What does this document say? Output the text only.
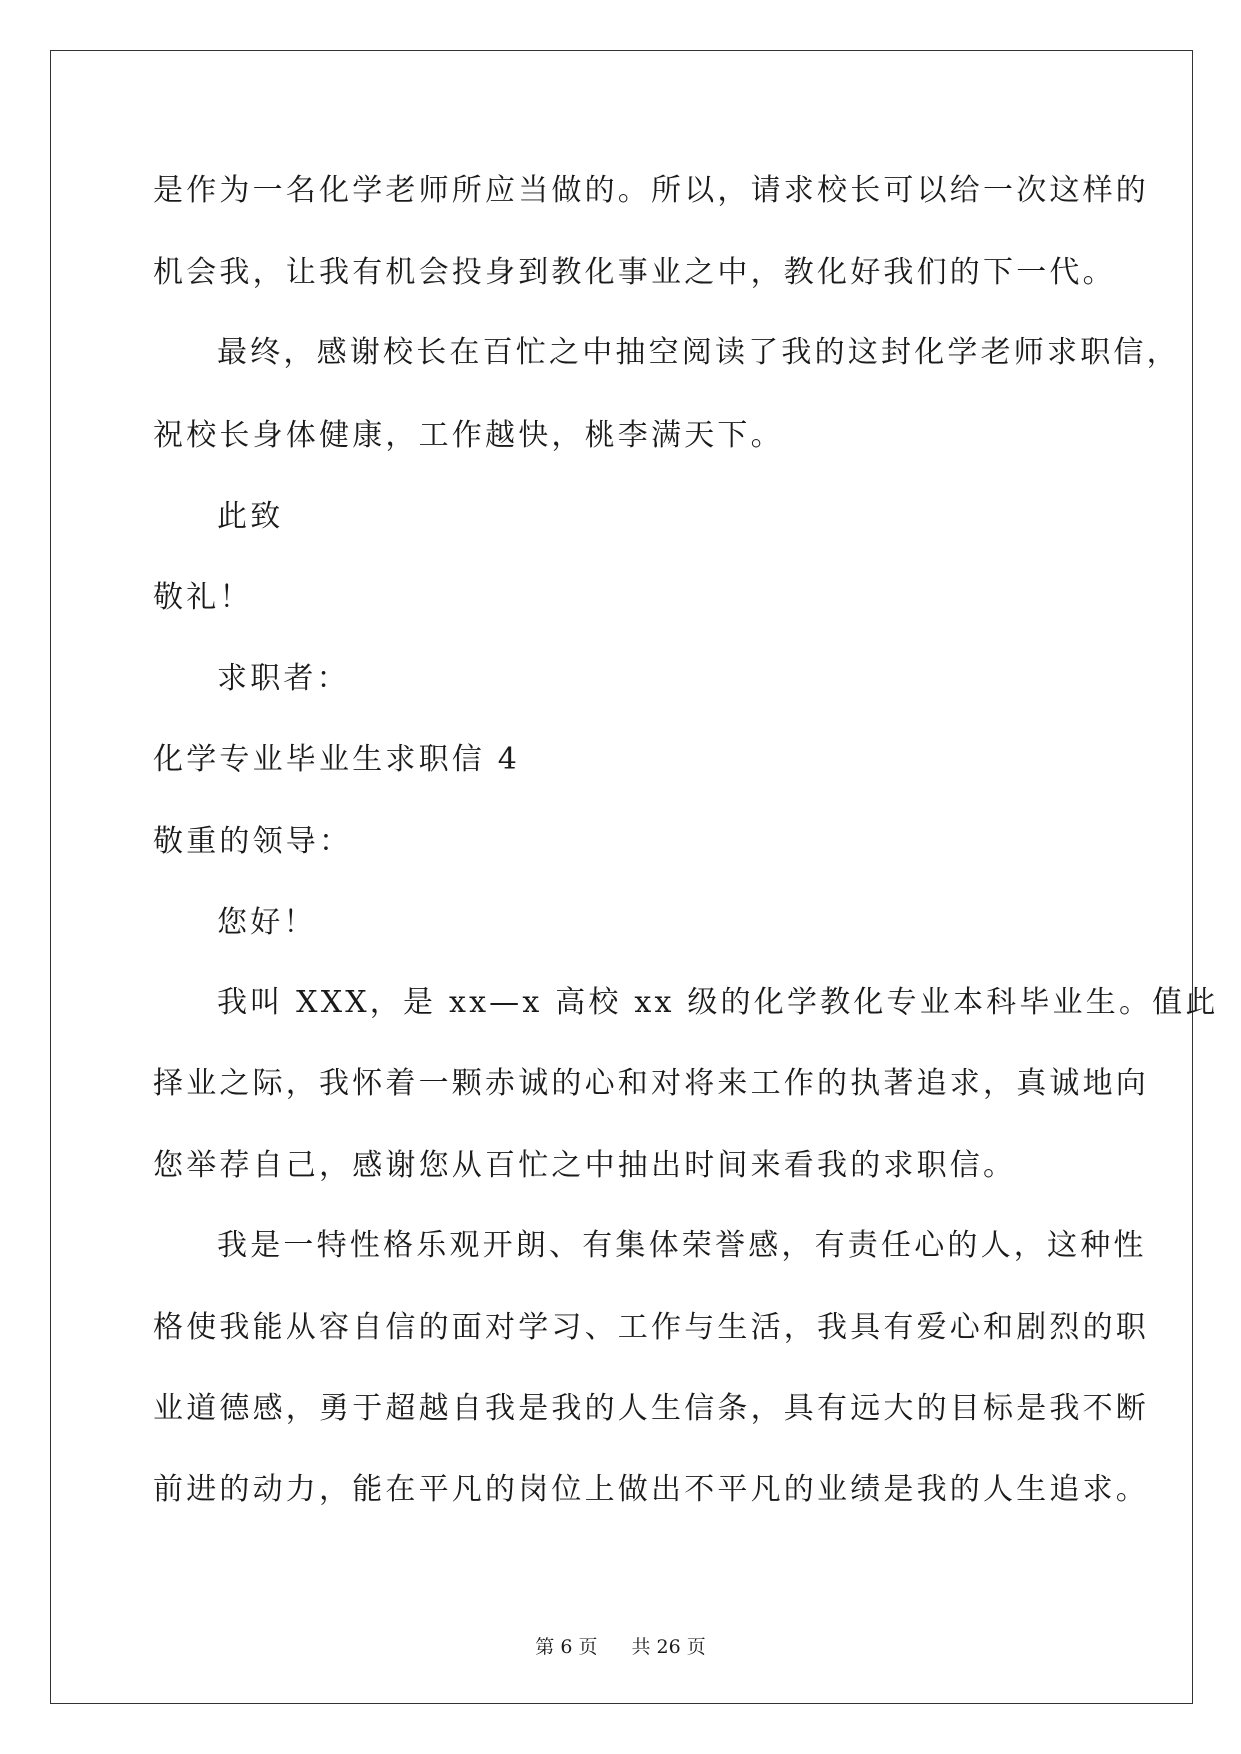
是作为一名化学老师所应当做的。所以，请求校长可以给一次这样的
机会我，让我有机会投身到教化事业之中，教化好我们的下一代。
最终，感谢校长在百忙之中抽空阅读了我的这封化学老师求职信，
祝校长身体健康，工作越快，桃李满天下。
此致
敬礼！
求职者：
化学专业毕业生求职信 4
敬重的领导：
您好！
我叫 XXX，是 xx—x 高校 xx 级的化学教化专业本科毕业生。值此
择业之际，我怀着一颗赤诚的心和对将来工作的执著追求，真诚地向
您举荐自己，感谢您从百忙之中抽出时间来看我的求职信。
我是一特性格乐观开朗、有集体荣誉感，有责任心的人，这种性
格使我能从容自信的面对学习、工作与生活，我具有爱心和剧烈的职
业道德感，勇于超越自我是我的人生信条，具有远大的目标是我不断
前进的动力，能在平凡的岗位上做出不平凡的业绩是我的人生追求。
第 6 页 共 26 页
